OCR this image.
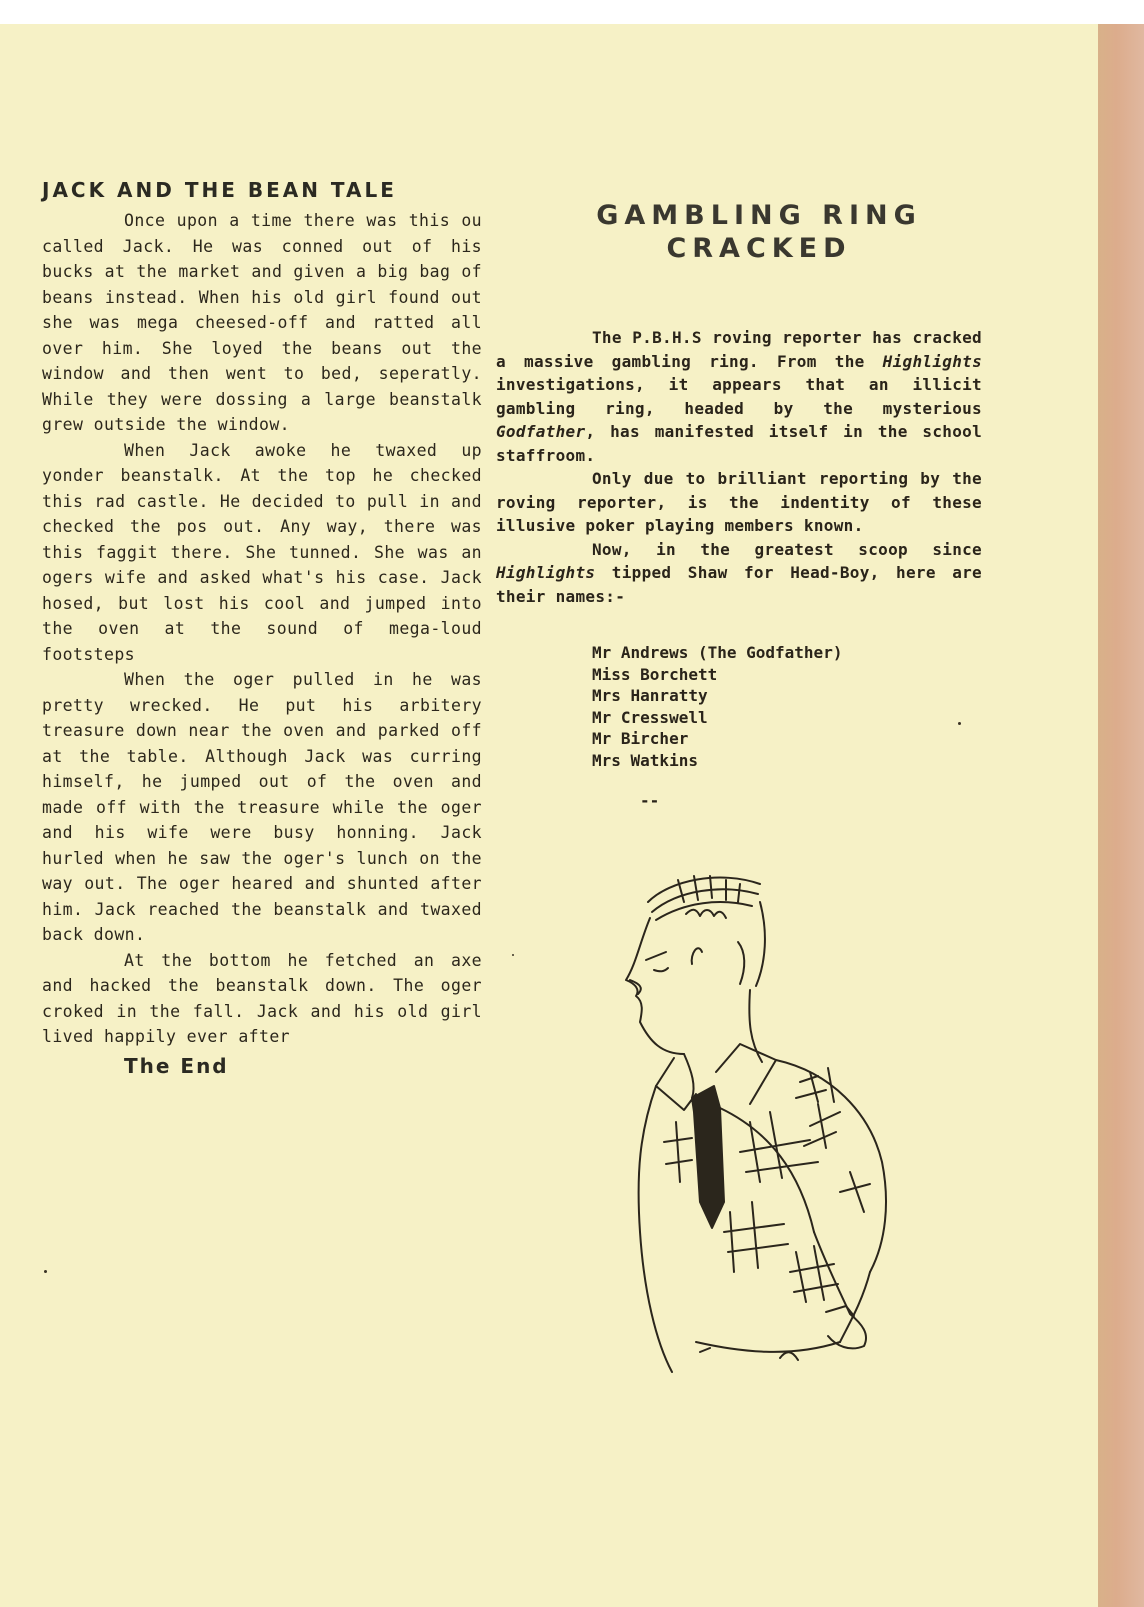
JACK AND THE BEAN TALE

Once upon a time there was this ou called Jack. He was conned out of his bucks at the market and given a big bag of beans instead. When his old girl found out she was mega cheesed-off and ratted all over him. She loyed the beans out the window and then went to bed, seperatly. While they were dossing a large beanstalk grew outside the window.

When Jack awoke he twaxed up yonder beanstalk. At the top he checked this rad castle. He decided to pull in and checked the pos out. Any way, there was this faggit there. She tunned. She was an ogers wife and asked what's his case. Jack hosed, but lost his cool and jumped into the oven at the sound of mega-loud footsteps

When the oger pulled in he was pretty wrecked. He put his arbitery treasure down near the oven and parked off at the table. Although Jack was curring himself, he jumped out of the oven and made off with the treasure while the oger and his wife were busy honning. Jack hurled when he saw the oger's lunch on the way out. The oger heared and shunted after him. Jack reached the beanstalk and twaxed back down.

At the bottom he fetched an axe and hacked the beanstalk down. The oger croked in the fall. Jack and his old girl lived happily ever after

The End
GAMBLING RING
CRACKED

The P.B.H.S roving reporter has cracked a massive gambling ring. From the Highlights investigations, it appears that an illicit gambling ring, headed by the mysterious Godfather, has manifested itself in the school staffroom.

Only due to brilliant reporting by the roving reporter, is the indentity of these illusive poker playing members known.

Now, in the greatest scoop since Highlights tipped Shaw for Head-Boy, here are their names:-

Mr Andrews (The Godfather)
Miss Borchett
Mrs Hanratty
Mr Cresswell
Mr Bircher
Mrs Watkins
--
